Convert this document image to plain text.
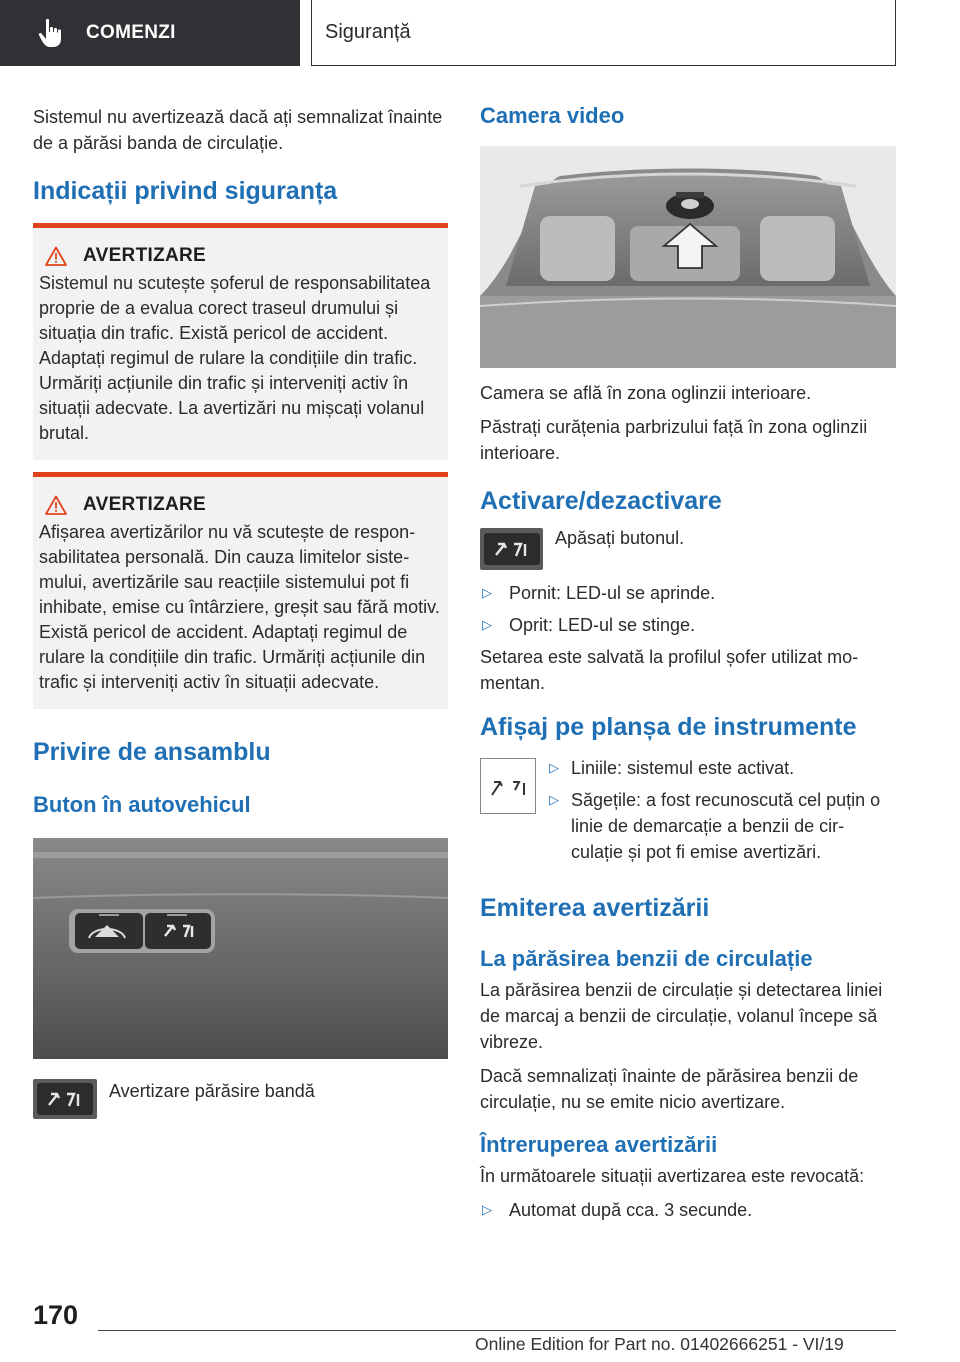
COMENZI	Siguranță

Sistemul nu avertizează dacă ați semnalizat înainte de a părăsi banda de circulație.

Indicații privind siguranța
AVERTIZARE
Sistemul nu scutește șoferul de responsabilitatea proprie de a evalua corect traseul drumului și situația din trafic. Există pericol de accident. Adaptați regimul de rulare la condițiile din trafic. Urmăriți acțiunile din trafic și interveniți activ în situații adecvate. La avertizări nu mișcați volanul brutal.
AVERTIZARE
Afișarea avertizărilor nu vă scutește de responsabilitatea personală. Din cauza limitelor sistemului, avertizările sau reacțiile sistemului pot fi inhibate, emise cu întârziere, greșit sau fără motiv. Există pericol de accident. Adaptați regimul de rulare la condițiile din trafic. Urmăriți acțiunile din trafic și interveniți activ în situații adecvate.
Privire de ansamblu
Buton în autovehicul

Avertizare părăsire bandă

Camera video

Camera se află în zona oglinzii interioare.

Păstrați curățenia parbrizului față în zona oglinzii interioare.

Activare/dezactivare

Apăsați butonul.

▷ Pornit: LED-ul se aprinde.
▷ Oprit: LED-ul se stinge.

Setarea este salvată la profilul șofer utilizat momentan.

Afișaj pe planșa de instrumente
▷ Liniile: sistemul este activat.
▷ Săgețile: a fost recunoscută cel puțin o linie de demarcație a benzii de circulație și pot fi emise avertizări.
Emiterea avertizării
La părăsirea benzii de circulație

La părăsirea benzii de circulație și detectarea liniei de marcaj a benzii de circulație, volanul începe să vibreze.

Dacă semnalizați înainte de părăsirea benzii de circulație, nu se emite nicio avertizare.

Întreruperea avertizării

În următoarele situații avertizarea este revocată:

▷ Automat după cca. 3 secunde.
170
Online Edition for Part no. 01402666251 - VI/19
